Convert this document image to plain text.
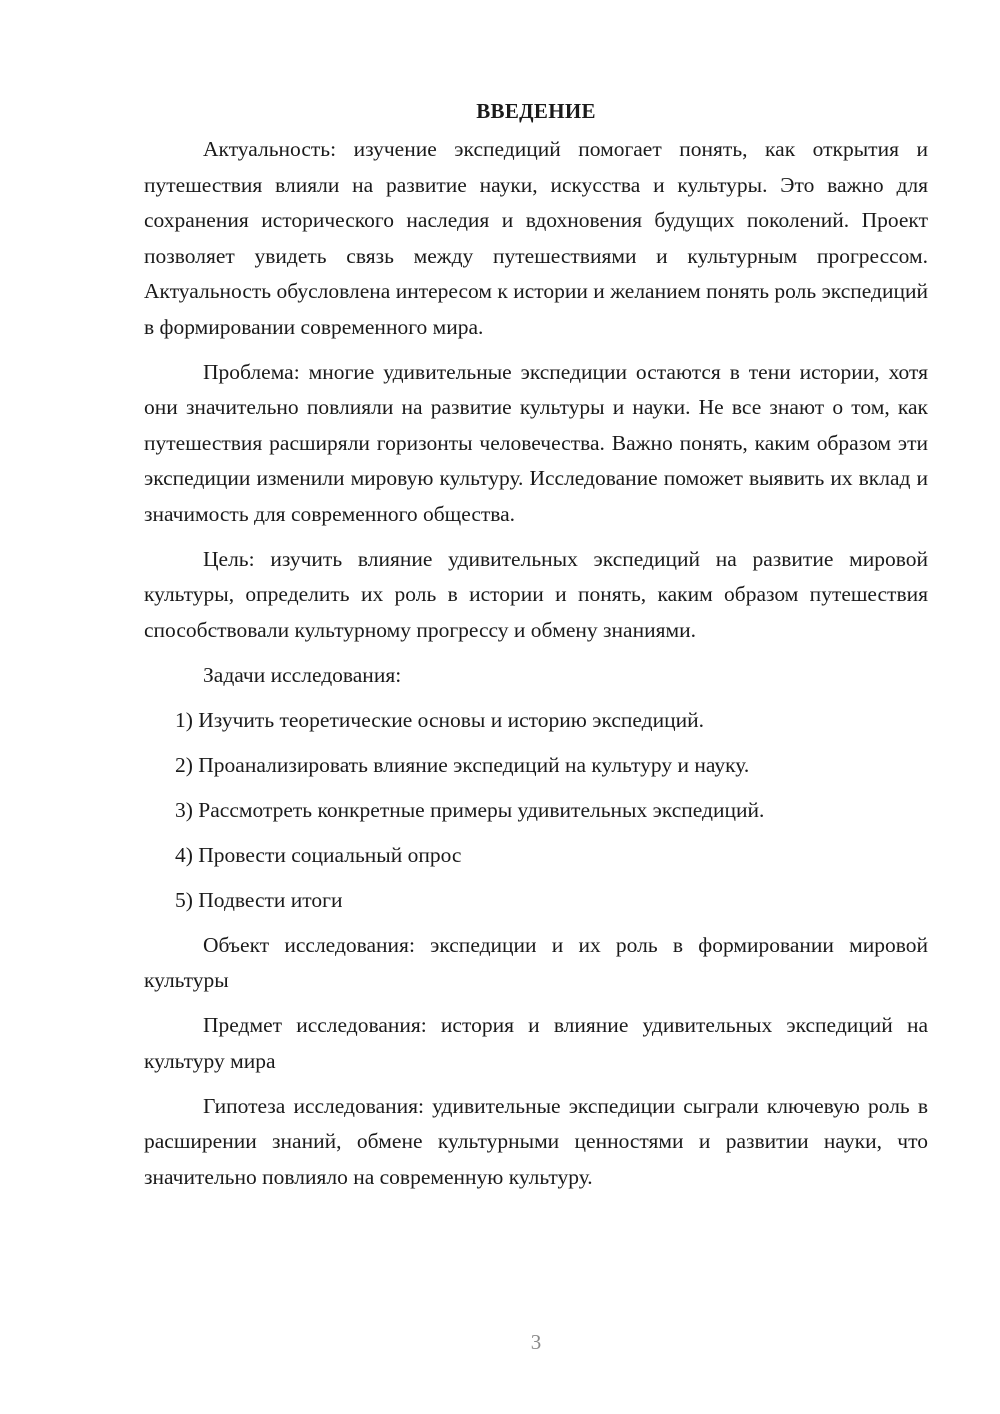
ВВЕДЕНИЕ

Актуальность: изучение экспедиций помогает понять, как открытия и путешествия влияли на развитие науки, искусства и культуры. Это важно для сохранения исторического наследия и вдохновения будущих поколений. Проект позволяет увидеть связь между путешествиями и культурным прогрессом. Актуальность обусловлена интересом к истории и желанием понять роль экспедиций в формировании современного мира.

Проблема: многие удивительные экспедиции остаются в тени истории, хотя они значительно повлияли на развитие культуры и науки. Не все знают о том, как путешествия расширяли горизонты человечества. Важно понять, каким образом эти экспедиции изменили мировую культуру. Исследование поможет выявить их вклад и значимость для современного общества.

Цель: изучить влияние удивительных экспедиций на развитие мировой культуры, определить их роль в истории и понять, каким образом путешествия способствовали культурному прогрессу и обмену знаниями.

Задачи исследования:

1) Изучить теоретические основы и историю экспедиций.

2) Проанализировать влияние экспедиций на культуру и науку.

3) Рассмотреть конкретные примеры удивительных экспедиций.

4) Провести социальный опрос

5) Подвести итоги

Объект исследования: экспедиции и их роль в формировании мировой культуры

Предмет исследования: история и влияние удивительных экспедиций на культуру мира

Гипотеза исследования: удивительные экспедиции сыграли ключевую роль в расширении знаний, обмене культурными ценностями и развитии науки, что значительно повлияло на современную культуру.

3
